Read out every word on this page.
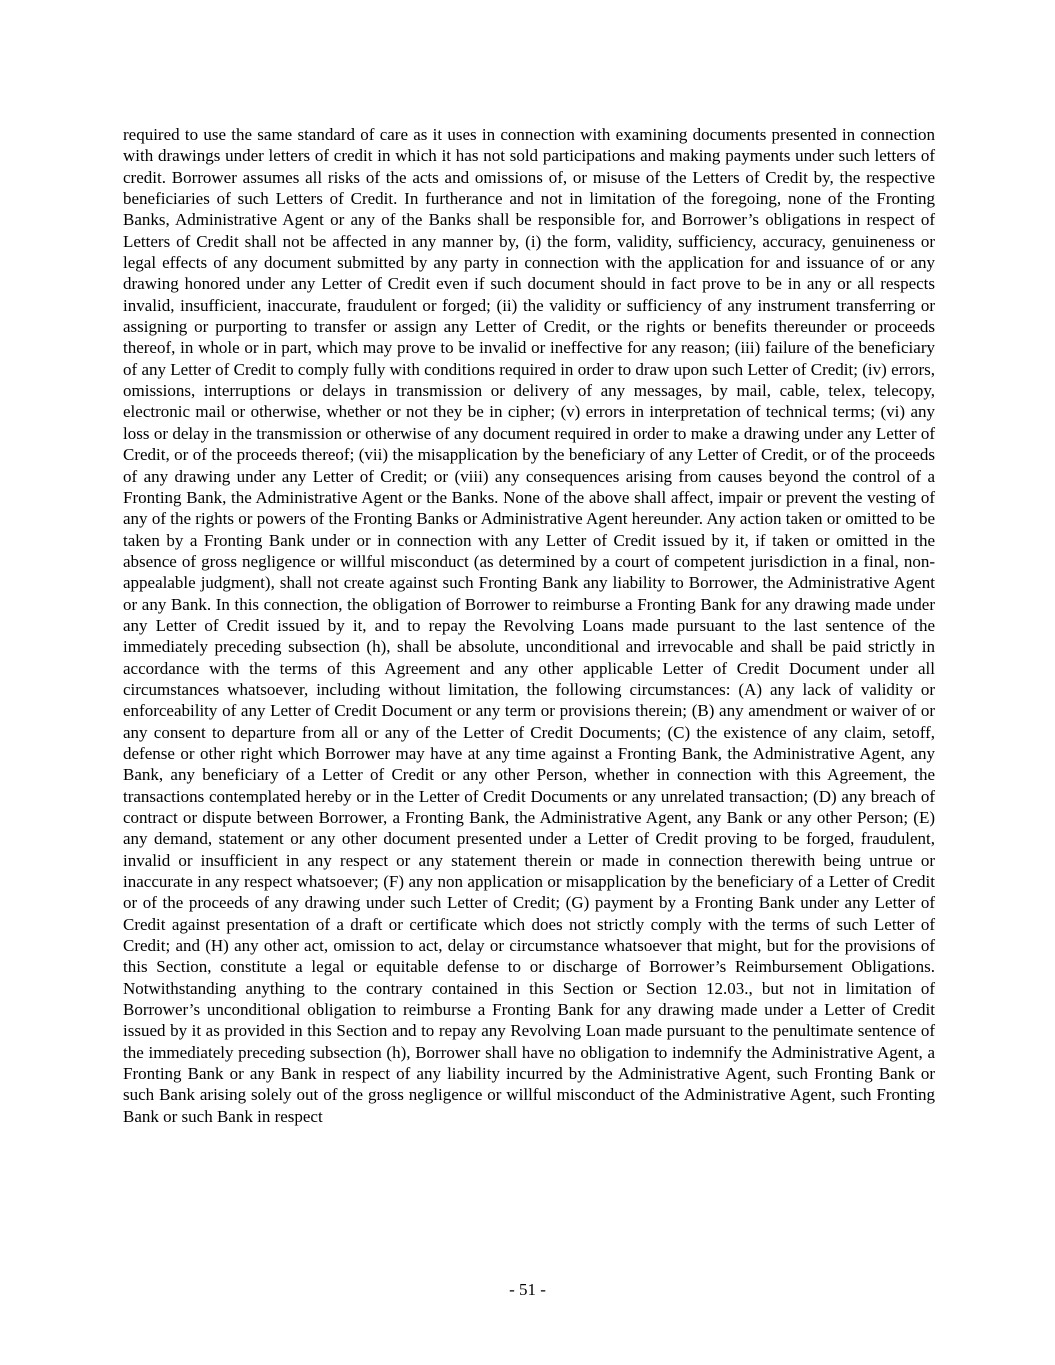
required to use the same standard of care as it uses in connection with examining documents presented in connection with drawings under letters of credit in which it has not sold participations and making payments under such letters of credit. Borrower assumes all risks of the acts and omissions of, or misuse of the Letters of Credit by, the respective beneficiaries of such Letters of Credit. In furtherance and not in limitation of the foregoing, none of the Fronting Banks, Administrative Agent or any of the Banks shall be responsible for, and Borrower’s obligations in respect of Letters of Credit shall not be affected in any manner by, (i) the form, validity, sufficiency, accuracy, genuineness or legal effects of any document submitted by any party in connection with the application for and issuance of or any drawing honored under any Letter of Credit even if such document should in fact prove to be in any or all respects invalid, insufficient, inaccurate, fraudulent or forged; (ii) the validity or sufficiency of any instrument transferring or assigning or purporting to transfer or assign any Letter of Credit, or the rights or benefits thereunder or proceeds thereof, in whole or in part, which may prove to be invalid or ineffective for any reason; (iii) failure of the beneficiary of any Letter of Credit to comply fully with conditions required in order to draw upon such Letter of Credit; (iv) errors, omissions, interruptions or delays in transmission or delivery of any messages, by mail, cable, telex, telecopy, electronic mail or otherwise, whether or not they be in cipher; (v) errors in interpretation of technical terms; (vi) any loss or delay in the transmission or otherwise of any document required in order to make a drawing under any Letter of Credit, or of the proceeds thereof; (vii) the misapplication by the beneficiary of any Letter of Credit, or of the proceeds of any drawing under any Letter of Credit; or (viii) any consequences arising from causes beyond the control of a Fronting Bank, the Administrative Agent or the Banks. None of the above shall affect, impair or prevent the vesting of any of the rights or powers of the Fronting Banks or Administrative Agent hereunder. Any action taken or omitted to be taken by a Fronting Bank under or in connection with any Letter of Credit issued by it, if taken or omitted in the absence of gross negligence or willful misconduct (as determined by a court of competent jurisdiction in a final, non-appealable judgment), shall not create against such Fronting Bank any liability to Borrower, the Administrative Agent or any Bank. In this connection, the obligation of Borrower to reimburse a Fronting Bank for any drawing made under any Letter of Credit issued by it, and to repay the Revolving Loans made pursuant to the last sentence of the immediately preceding subsection (h), shall be absolute, unconditional and irrevocable and shall be paid strictly in accordance with the terms of this Agreement and any other applicable Letter of Credit Document under all circumstances whatsoever, including without limitation, the following circumstances: (A) any lack of validity or enforceability of any Letter of Credit Document or any term or provisions therein; (B) any amendment or waiver of or any consent to departure from all or any of the Letter of Credit Documents; (C) the existence of any claim, setoff, defense or other right which Borrower may have at any time against a Fronting Bank, the Administrative Agent, any Bank, any beneficiary of a Letter of Credit or any other Person, whether in connection with this Agreement, the transactions contemplated hereby or in the Letter of Credit Documents or any unrelated transaction; (D) any breach of contract or dispute between Borrower, a Fronting Bank, the Administrative Agent, any Bank or any other Person; (E) any demand, statement or any other document presented under a Letter of Credit proving to be forged, fraudulent, invalid or insufficient in any respect or any statement therein or made in connection therewith being untrue or inaccurate in any respect whatsoever; (F) any non application or misapplication by the beneficiary of a Letter of Credit or of the proceeds of any drawing under such Letter of Credit; (G) payment by a Fronting Bank under any Letter of Credit against presentation of a draft or certificate which does not strictly comply with the terms of such Letter of Credit; and (H) any other act, omission to act, delay or circumstance whatsoever that might, but for the provisions of this Section, constitute a legal or equitable defense to or discharge of Borrower’s Reimbursement Obligations. Notwithstanding anything to the contrary contained in this Section or Section 12.03., but not in limitation of Borrower’s unconditional obligation to reimburse a Fronting Bank for any drawing made under a Letter of Credit issued by it as provided in this Section and to repay any Revolving Loan made pursuant to the penultimate sentence of the immediately preceding subsection (h), Borrower shall have no obligation to indemnify the Administrative Agent, a Fronting Bank or any Bank in respect of any liability incurred by the Administrative Agent, such Fronting Bank or such Bank arising solely out of the gross negligence or willful misconduct of the Administrative Agent, such Fronting Bank or such Bank in respect
- 51 -
